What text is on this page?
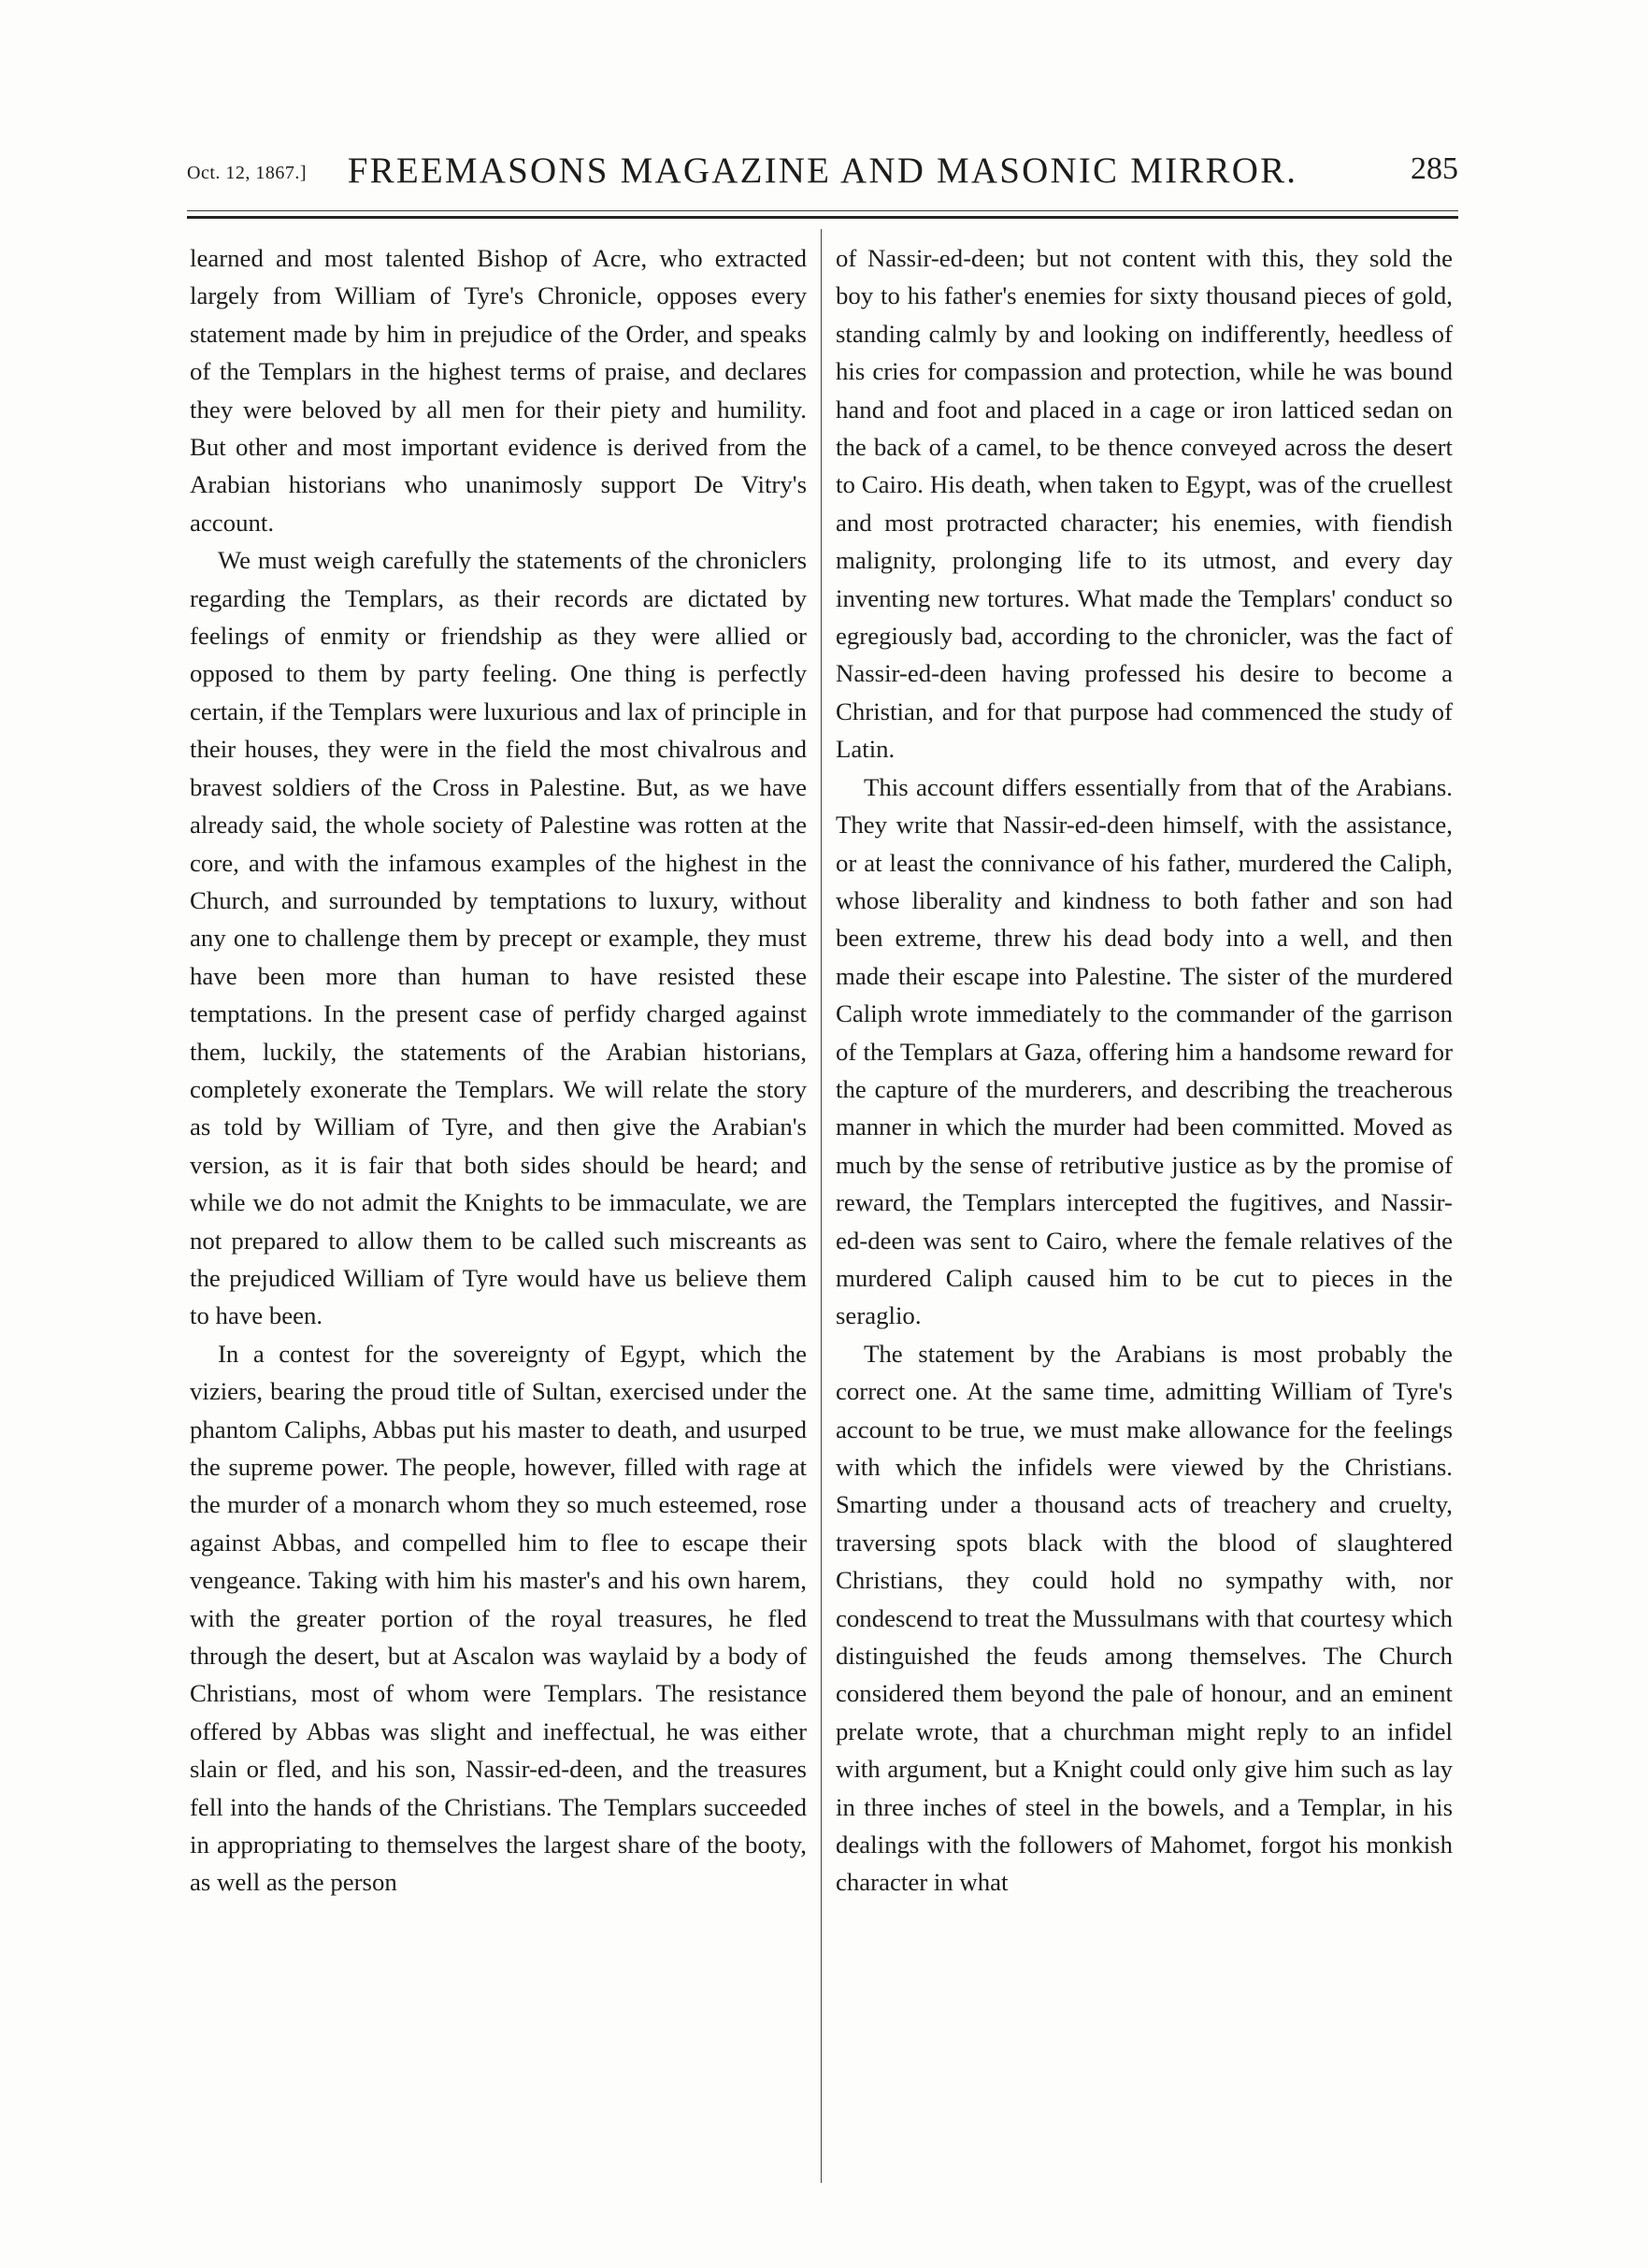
Oct. 12, 1867.]	FREEMASONS MAGAZINE AND MASONIC MIRROR.	285

learned and most talented Bishop of Acre, who extracted largely from William of Tyre's Chronicle, opposes every statement made by him in prejudice of the Order, and speaks of the Templars in the highest terms of praise, and declares they were beloved by all men for their piety and humility. But other and most important evidence is derived from the Arabian historians who unanimosly support De Vitry's account.

We must weigh carefully the statements of the chroniclers regarding the Templars, as their records are dictated by feelings of enmity or friendship as they were allied or opposed to them by party feeling. One thing is perfectly certain, if the Templars were luxurious and lax of principle in their houses, they were in the field the most chivalrous and bravest soldiers of the Cross in Palestine. But, as we have already said, the whole society of Palestine was rotten at the core, and with the infamous examples of the highest in the Church, and surrounded by temptations to luxury, without any one to challenge them by precept or example, they must have been more than human to have resisted these temptations. In the present case of perfidy charged against them, luckily, the statements of the Arabian historians, completely exonerate the Templars. We will relate the story as told by William of Tyre, and then give the Arabian's version, as it is fair that both sides should be heard; and while we do not admit the Knights to be immaculate, we are not prepared to allow them to be called such miscreants as the prejudiced William of Tyre would have us believe them to have been.

In a contest for the sovereignty of Egypt, which the viziers, bearing the proud title of Sultan, exercised under the phantom Caliphs, Abbas put his master to death, and usurped the supreme power. The people, however, filled with rage at the murder of a monarch whom they so much esteemed, rose against Abbas, and compelled him to flee to escape their vengeance. Taking with him his master's and his own harem, with the greater portion of the royal treasures, he fled through the desert, but at Ascalon was waylaid by a body of Christians, most of whom were Templars. The resistance offered by Abbas was slight and ineffectual, he was either slain or fled, and his son, Nassir-ed-deen, and the treasures fell into the hands of the Christians. The Templars succeeded in appropriating to themselves the largest share of the booty, as well as the person

of Nassir-ed-deen; but not content with this, they sold the boy to his father's enemies for sixty thousand pieces of gold, standing calmly by and looking on indifferently, heedless of his cries for compassion and protection, while he was bound hand and foot and placed in a cage or iron latticed sedan on the back of a camel, to be thence conveyed across the desert to Cairo. His death, when taken to Egypt, was of the cruellest and most protracted character; his enemies, with fiendish malignity, prolonging life to its utmost, and every day inventing new tortures. What made the Templars' conduct so egregiously bad, according to the chronicler, was the fact of Nassir-ed-deen having professed his desire to become a Christian, and for that purpose had commenced the study of Latin.

This account differs essentially from that of the Arabians. They write that Nassir-ed-deen himself, with the assistance, or at least the connivance of his father, murdered the Caliph, whose liberality and kindness to both father and son had been extreme, threw his dead body into a well, and then made their escape into Palestine. The sister of the murdered Caliph wrote immediately to the commander of the garrison of the Templars at Gaza, offering him a handsome reward for the capture of the murderers, and describing the treacherous manner in which the murder had been committed. Moved as much by the sense of retributive justice as by the promise of reward, the Templars intercepted the fugitives, and Nassir-ed-deen was sent to Cairo, where the female relatives of the murdered Caliph caused him to be cut to pieces in the seraglio.

The statement by the Arabians is most probably the correct one. At the same time, admitting William of Tyre's account to be true, we must make allowance for the feelings with which the infidels were viewed by the Christians. Smarting under a thousand acts of treachery and cruelty, traversing spots black with the blood of slaughtered Christians, they could hold no sympathy with, nor condescend to treat the Mussulmans with that courtesy which distinguished the feuds among themselves. The Church considered them beyond the pale of honour, and an eminent prelate wrote, that a churchman might reply to an infidel with argument, but a Knight could only give him such as lay in three inches of steel in the bowels, and a Templar, in his dealings with the followers of Mahomet, forgot his monkish character in what
